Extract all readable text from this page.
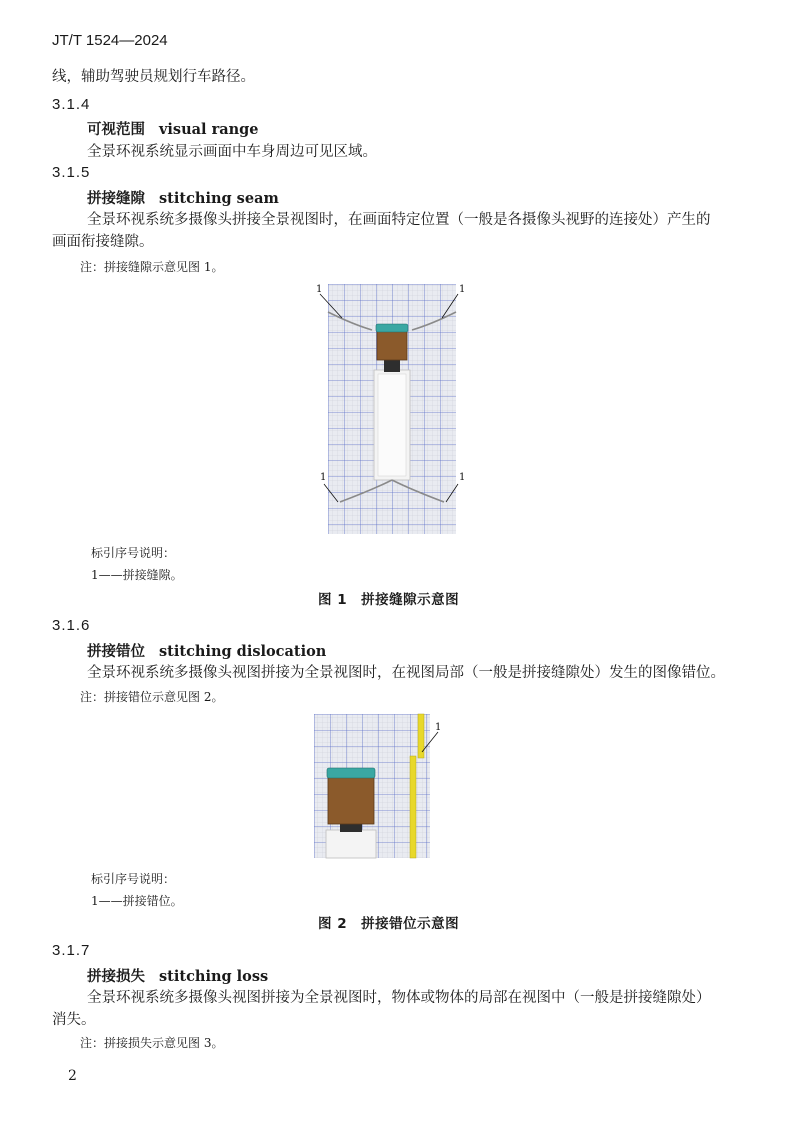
JT/T 1524—2024
线，辅助驾驶员规划行车路径。
3.1.4
可视范围 visual range
全景环视系统显示画面中车身周边可见区域。
3.1.5
拼接缝隙 stitching seam
全景环视系统多摄像头拼接全景视图时，在画面特定位置（一般是各摄像头视野的连接处）产生的
画面衔接缝隙。
注：拼接缝隙示意见图 1。
1	1
1	1
标引序号说明：
1——拼接缝隙。
图 1　拼接缝隙示意图
3.1.6
拼接错位 stitching dislocation
全景环视系统多摄像头视图拼接为全景视图时，在视图局部（一般是拼接缝隙处）发生的图像错位。
注：拼接错位示意见图 2。
1
标引序号说明：
1——拼接错位。
图 2　拼接错位示意图
3.1.7
拼接损失 stitching loss
全景环视系统多摄像头视图拼接为全景视图时，物体或物体的局部在视图中（一般是拼接缝隙处）
消失。
注：拼接损失示意见图 3。
2
